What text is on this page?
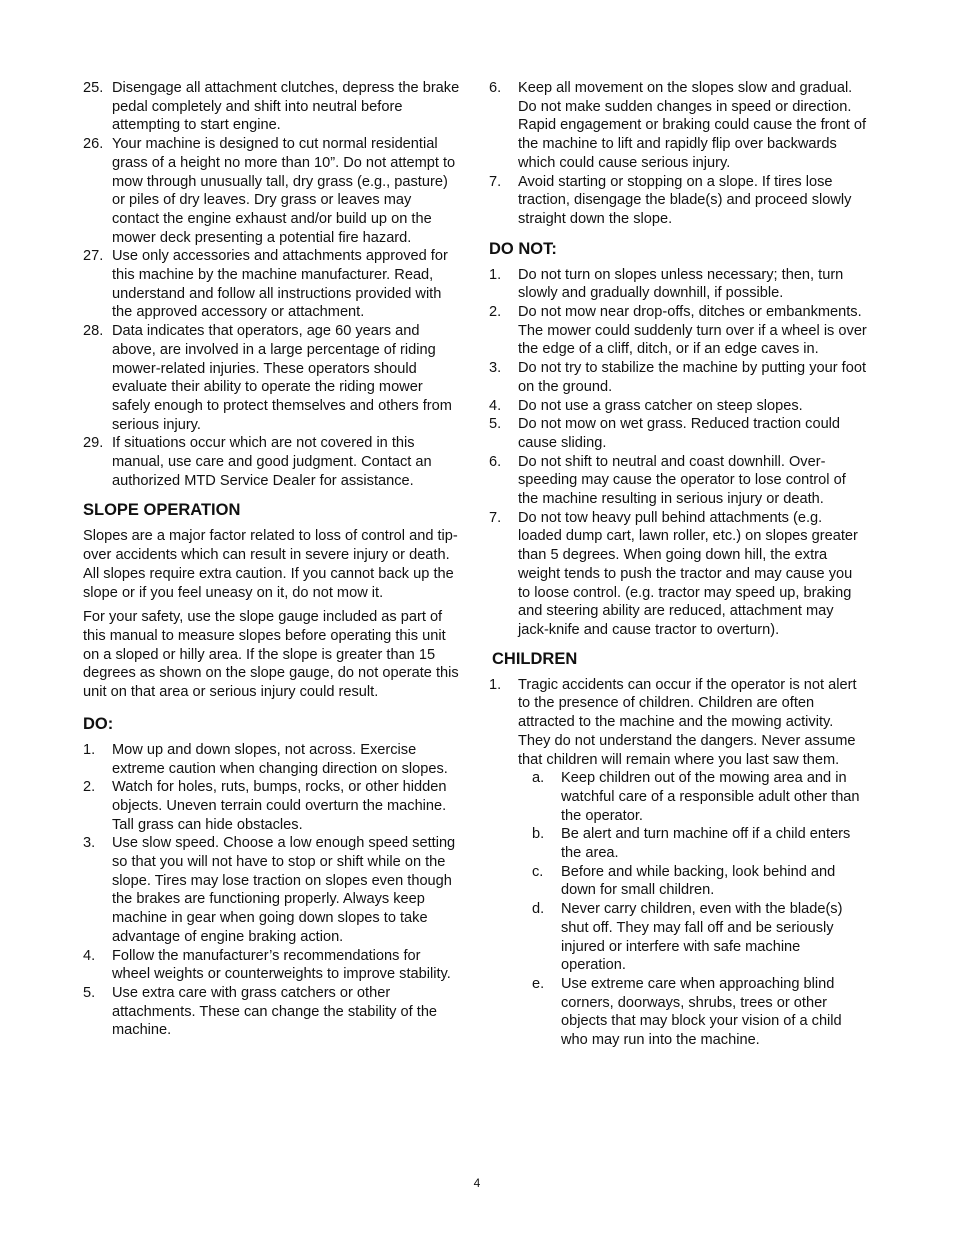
25. Disengage all attachment clutches, depress the brake pedal completely and shift into neutral before attempting to start engine.
26. Your machine is designed to cut normal residential grass of a height no more than 10”. Do not attempt to mow through unusually tall, dry grass (e.g., pasture) or piles of dry leaves. Dry grass or leaves may contact the engine exhaust and/or build up on the mower deck presenting a potential fire hazard.
27. Use only accessories and attachments approved for this machine by the machine manufacturer. Read, understand and follow all instructions provided with the approved accessory or attachment.
28. Data indicates that operators, age 60 years and above, are involved in a large percentage of riding mower-related injuries. These operators should evaluate their ability to operate the riding mower safely enough to protect themselves and others from serious injury.
29. If situations occur which are not covered in this manual, use care and good judgment. Contact an authorized MTD Service Dealer for assistance.
SLOPE OPERATION

Slopes are a major factor related to loss of control and tip-over accidents which can result in severe injury or death. All slopes require extra caution. If you cannot back up the slope or if you feel uneasy on it, do not mow it.

For your safety, use the slope gauge included as part of this manual to measure slopes before operating this unit on a sloped or hilly area. If the slope is greater than 15 degrees as shown on the slope gauge, do not operate this unit on that area or serious injury could result.

DO:
1.	Mow up and down slopes, not across. Exercise extreme caution when changing direction on slopes.
2.	Watch for holes, ruts, bumps, rocks, or other hidden objects. Uneven terrain could overturn the machine. Tall grass can hide obstacles.
3.	Use slow speed. Choose a low enough speed setting so that you will not have to stop or shift while on the slope. Tires may lose traction on slopes even though the brakes are functioning properly. Always keep machine in gear when going down slopes to take advantage of engine braking action.
4.	Follow the manufacturer’s recommendations for wheel weights or counterweights to improve stability.
5.	Use extra care with grass catchers or other attachments. These can change the stability of the machine.
6.	Keep all movement on the slopes slow and gradual. Do not make sudden changes in speed or direction. Rapid engagement or braking could cause the front of the machine to lift and rapidly flip over backwards which could cause serious injury.
7.	Avoid starting or stopping on a slope. If tires lose traction, disengage the blade(s) and proceed slowly straight down the slope.
DO NOT:
1.	Do not turn on slopes unless necessary; then, turn slowly and gradually downhill, if possible.
2.	Do not mow near drop-offs, ditches or embankments. The mower could suddenly turn over if a wheel is over the edge of a cliff, ditch, or if an edge caves in.
3.	Do not try to stabilize the machine by putting your foot on the ground.
4.	Do not use a grass catcher on steep slopes.
5.	Do not mow on wet grass. Reduced traction could cause sliding.
6.	Do not shift to neutral and coast downhill. Over-speeding may cause the operator to lose control of the machine resulting in serious injury or death.
7.	Do not tow heavy pull behind attachments (e.g. loaded dump cart, lawn roller, etc.) on slopes greater than 5 degrees. When going down hill, the extra weight tends to push the tractor and may cause you to loose control. (e.g. tractor may speed up, braking and steering ability are reduced, attachment may jack-knife and cause tractor to overturn).
CHILDREN
1.	Tragic accidents can occur if the operator is not alert to the presence of children. Children are often attracted to the machine and the mowing activity. They do not understand the dangers. Never assume that children will remain where you last saw them.
a.	Keep children out of the mowing area and in watchful care of a responsible adult other than the operator.
b.	Be alert and turn machine off if a child enters the area.
c.	Before and while backing, look behind and down for small children.
d.	Never carry children, even with the blade(s) shut off. They may fall off and be seriously injured or interfere with safe machine operation.
e.	Use extreme care when approaching blind corners, doorways, shrubs, trees or other objects that may block your vision of a child who may run into the machine.
4
